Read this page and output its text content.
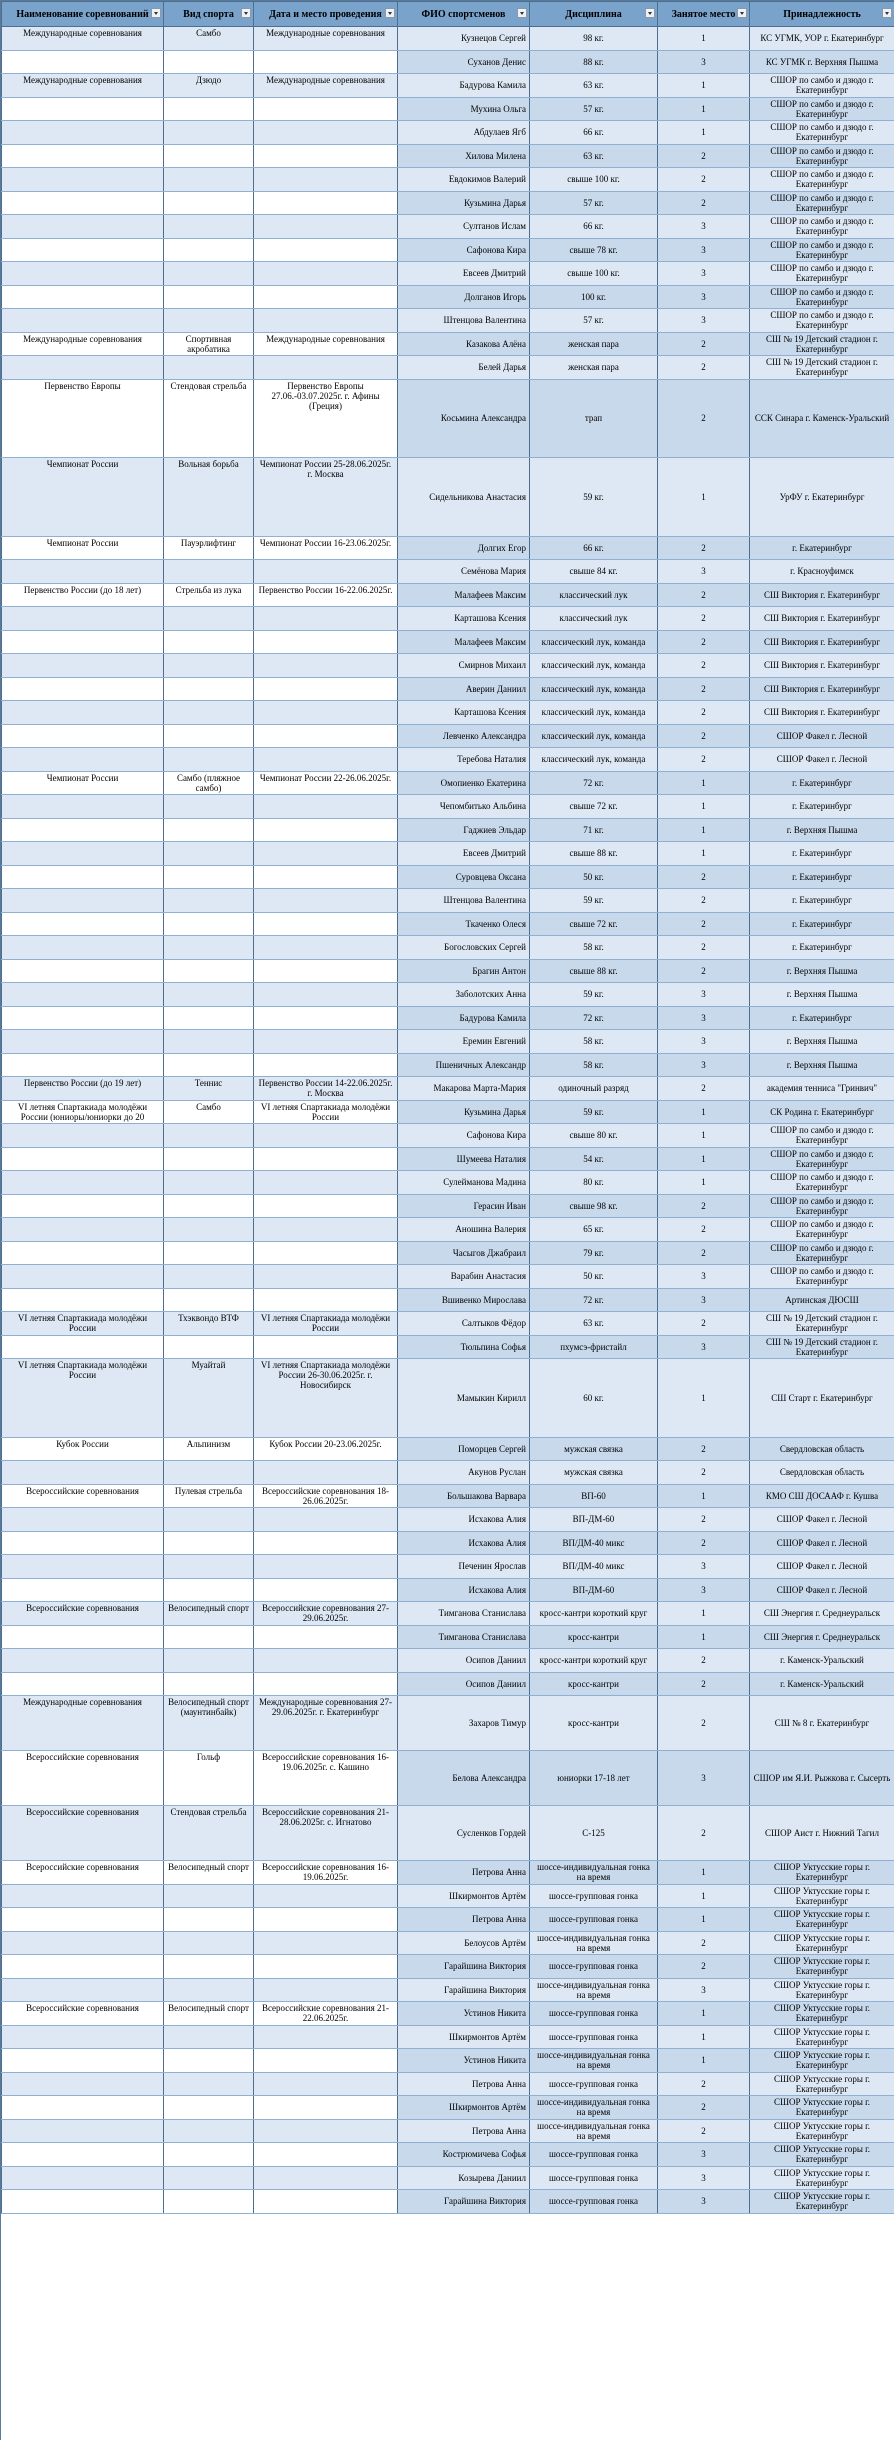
Наименование соревнований	Вид спорта	Дата и место проведения	ФИО спортсменов	Дисциплина	Занятое место	Принадлежность

Международные соревнования	Самбо	Международные соревнования	Кузнецов Сергей	98 кг.	1	КС УГМК, УОР г. Екатеринбург
			Суханов Денис	88 кг.	3	КС УГМК г. Верхняя Пышма
Международные соревнования	Дзюдо	Международные соревнования	Бадурова Камила	63 кг.	1	СШОР по самбо и дзюдо г. Екатеринбург
			Мухина Ольга	57 кг.	1	СШОР по самбо и дзюдо г. Екатеринбург
			Абдулаев Ягб	66 кг.	1	СШОР по самбо и дзюдо г. Екатеринбург
			Хилова Милена	63 кг.	2	СШОР по самбо и дзюдо г. Екатеринбург
			Евдокимов Валерий	свыше 100 кг.	2	СШОР по самбо и дзюдо г. Екатеринбург
			Кузьмина Дарья	57 кг.	2	СШОР по самбо и дзюдо г. Екатеринбург
			Султанов Ислам	66 кг.	3	СШОР по самбо и дзюдо г. Екатеринбург
			Сафонова Кира	свыше 78 кг.	3	СШОР по самбо и дзюдо г. Екатеринбург
			Евсеев Дмитрий	свыше 100 кг.	3	СШОР по самбо и дзюдо г. Екатеринбург
			Долганов Игорь	100 кг.	3	СШОР по самбо и дзюдо г. Екатеринбург
			Штенцова Валентина	57 кг.	3	СШОР по самбо и дзюдо г. Екатеринбург
Международные соревнования	Спортивная акробатика	Международные соревнования	Казакова Алёна	женская пара	2	СШ № 19 Детский стадион г. Екатеринбург
			Белей Дарья	женская пара	2	СШ № 19 Детский стадион г. Екатеринбург
Первенство Европы	Стендовая стрельба	Первенство Европы 27.06.-03.07.2025г. г. Афины (Греция)	Косьмина Александра	трап	2	ССК Синара г. Каменск-Уральский
Чемпионат России	Вольная борьба	Чемпионат России 25-28.06.2025г. г. Москва	Сидельникова Анастасия	59 кг.	1	УрФУ г. Екатеринбург
Чемпионат России	Пауэрлифтинг	Чемпионат России 16-23.06.2025г.	Долгих Егор	66 кг.	2	г. Екатеринбург
			Семёнова Мария	свыше 84 кг.	3	г. Красноуфимск
Первенство России (до 18 лет)	Стрельба из лука	Первенство России 16-22.06.2025г.	Малафеев Максим	классический лук	2	СШ Виктория г. Екатеринбург
			Карташова Ксения	классический лук	2	СШ Виктория г. Екатеринбург
			Малафеев Максим	классический лук, команда	2	СШ Виктория г. Екатеринбург
			Смирнов Михаил	классический лук, команда	2	СШ Виктория г. Екатеринбург
			Аверин Даниил	классический лук, команда	2	СШ Виктория г. Екатеринбург
			Карташова Ксения	классический лук, команда	2	СШ Виктория г. Екатеринбург
			Левченко Александра	классический лук, команда	2	СШОР Факел г. Лесной
			Теребова Наталия	классический лук, команда	2	СШОР Факел г. Лесной
Чемпионат России	Самбо (пляжное самбо)	Чемпионат России 22-26.06.2025г.	Омопиенко Екатерина	72 кг.	1	г. Екатеринбург
			Чепомбитько Альбина	свыше 72 кг.	1	г. Екатеринбург
			Гаджиев Эльдар	71 кг.	1	г. Верхняя Пышма
			Евсеев Дмитрий	свыше 88 кг.	1	г. Екатеринбург
			Суровцева Оксана	50 кг.	2	г. Екатеринбург
			Штенцова Валентина	59 кг.	2	г. Екатеринбург
			Ткаченко Олеся	свыше 72 кг.	2	г. Екатеринбург
			Богословских Сергей	58 кг.	2	г. Екатеринбург
			Брагин Антон	свыше 88 кг.	2	г. Верхняя Пышма
			Заболотских Анна	59 кг.	3	г. Верхняя Пышма
			Бадурова Камила	72 кг.	3	г. Екатеринбург
			Еремин Евгений	58 кг.	3	г. Верхняя Пышма
			Пшеничных Александр	58 кг.	3	г. Верхняя Пышма
Первенство России (до 19 лет)	Теннис	Первенство России 14-22.06.2025г. г. Москва	Макарова Марта-Мария	одиночный разряд	2	академия тенниса "Гринвич"
VI летняя Спартакиада молодёжи России (юниоры/юниорки до 20	Самбо	VI летняя Спартакиада молодёжи России	Кузьмина Дарья	59 кг.	1	СК Родина г. Екатеринбург
			Сафонова Кира	свыше 80 кг.	1	СШОР по самбо и дзюдо г. Екатеринбург
			Шумеева Наталия	54 кг.	1	СШОР по самбо и дзюдо г. Екатеринбург
			Сулейманова Мадина	80 кг.	1	СШОР по самбо и дзюдо г. Екатеринбург
			Герасин Иван	свыше 98 кг.	2	СШОР по самбо и дзюдо г. Екатеринбург
			Аношина Валерия	65 кг.	2	СШОР по самбо и дзюдо г. Екатеринбург
			Часыгов Джабраил	79 кг.	2	СШОР по самбо и дзюдо г. Екатеринбург
			Варабин Анастасия	50 кг.	3	СШОР по самбо и дзюдо г. Екатеринбург
			Вшивенко Мирослава	72 кг.	3	Артинская ДЮСШ
VI летняя Спартакиада молодёжи России	Тхэквондо ВТФ	VI летняя Спартакиада молодёжи России	Салтыков Фёдор	63 кг.	2	СШ № 19 Детский стадион г. Екатеринбург
			Тюльпина Софья	пхумсэ-фристайл	3	СШ № 19 Детский стадион г. Екатеринбург
VI летняя Спартакиада молодёжи России	Муайтай	VI летняя Спартакиада молодёжи России 26-30.06.2025г. г. Новосибирск	Мамыкин Кирилл	60 кг.	1	СШ Старт г. Екатеринбург
Кубок России	Альпинизм	Кубок России 20-23.06.2025г.	Поморцев Сергей	мужская связка	2	Свердловская область
			Акунов Руслан	мужская связка	2	Свердловская область
Всероссийские соревнования	Пулевая стрельба	Всероссийские соревнования 18-26.06.2025г.	Большакова Варвара	ВП-60	1	КМО СШ ДОСААФ г. Кушва
			Исхакова Алия	ВП-ДМ-60	2	СШОР Факел г. Лесной
			Исхакова Алия	ВП/ДМ-40 микс	2	СШОР Факел г. Лесной
			Печенин Ярослав	ВП/ДМ-40 микс	3	СШОР Факел г. Лесной
			Исхакова Алия	ВП-ДМ-60	3	СШОР Факел г. Лесной
Всероссийские соревнования	Велосипедный спорт	Всероссийские соревнования 27-29.06.2025г.	Тимганова Станислава	кросс-кантри короткий круг	1	СШ Энергия г. Среднеуральск
			Тимганова Станислава	кросс-кантри	1	СШ Энергия г. Среднеуральск
			Осипов Даниил	кросс-кантри короткий круг	2	г. Каменск-Уральский
			Осипов Даниил	кросс-кантри	2	г. Каменск-Уральский
Международные соревнования	Велосипедный спорт (маунтинбайк)	Международные соревнования 27-29.06.2025г. г. Екатеринбург	Захаров Тимур	кросс-кантри	2	СШ № 8 г. Екатеринбург
Всероссийские соревнования	Гольф	Всероссийские соревнования 16-19.06.2025г. с. Кашино	Белова Александра	юниорки 17-18 лет	3	СШОР им Я.И. Рыжкова г. Сысерть
Всероссийские соревнования	Стендовая стрельба	Всероссийские соревнования 21-28.06.2025г. с. Игнатово	Сусленков Гордей	С-125	2	СШОР Аист г. Нижний Тагил
Всероссийские соревнования	Велосипедный спорт	Всероссийские соревнования 16-19.06.2025г.	Петрова Анна	шоссе-индивидуальная гонка на время	1	СШОР Уктусские горы г. Екатеринбург
			Шкирмонтов Артём	шоссе-групповая гонка	1	СШОР Уктусские горы г. Екатеринбург
			Петрова Анна	шоссе-групповая гонка	1	СШОР Уктусские горы г. Екатеринбург
			Белоусов Артём	шоссе-индивидуальная гонка на время	2	СШОР Уктусские горы г. Екатеринбург
			Гарайшина Виктория	шоссе-групповая гонка	2	СШОР Уктусские горы г. Екатеринбург
			Гарайшина Виктория	шоссе-индивидуальная гонка на время	3	СШОР Уктусские горы г. Екатеринбург
Всероссийские соревнования	Велосипедный спорт	Всероссийские соревнования 21-22.06.2025г.	Устинов Никита	шоссе-групповая гонка	1	СШОР Уктусские горы г. Екатеринбург
			Шкирмонтов Артём	шоссе-групповая гонка	1	СШОР Уктусские горы г. Екатеринбург
			Устинов Никита	шоссе-индивидуальная гонка на время	1	СШОР Уктусские горы г. Екатеринбург
			Петрова Анна	шоссе-групповая гонка	2	СШОР Уктусские горы г. Екатеринбург
			Шкирмонтов Артём	шоссе-индивидуальная гонка на время	2	СШОР Уктусские горы г. Екатеринбург
			Петрова Анна	шоссе-индивидуальная гонка на время	2	СШОР Уктусские горы г. Екатеринбург
			Кострюмичева Софья	шоссе-групповая гонка	3	СШОР Уктусские горы г. Екатеринбург
			Козырева Даниил	шоссе-групповая гонка	3	СШОР Уктусские горы г. Екатеринбург
			Гарайшина Виктория	шоссе-групповая гонка	3	СШОР Уктусские горы г. Екатеринбург
